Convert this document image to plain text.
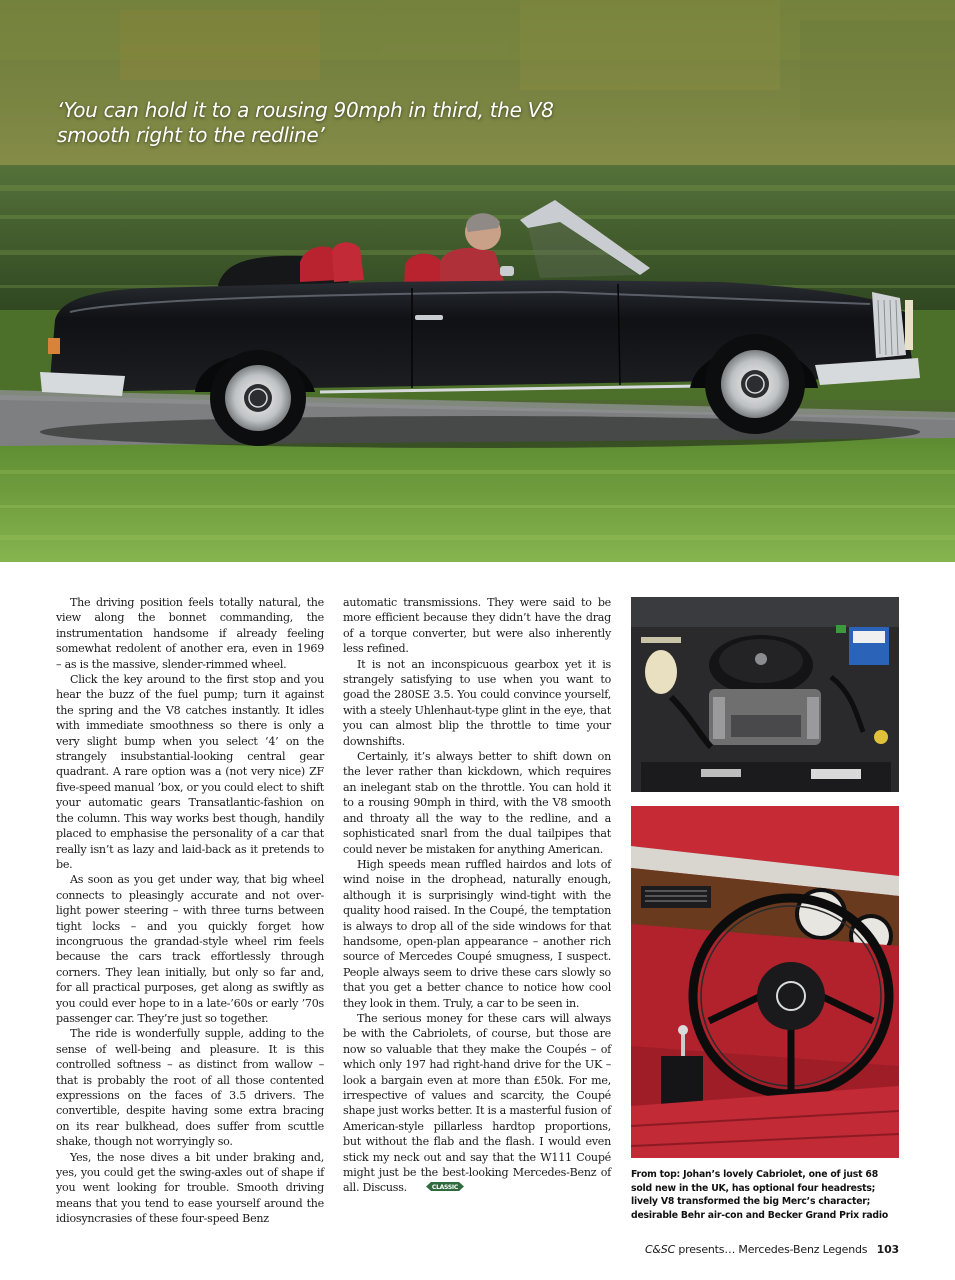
‘You can hold it to a rousing 90mph in third, the V8 smooth right to the redline’

The driving position feels totally natural, the view along the bonnet commanding, the instrumentation handsome if already feeling somewhat redolent of another era, even in 1969 – as is the massive, slender-rimmed wheel.

Click the key around to the first stop and you hear the buzz of the fuel pump; turn it against the spring and the V8 catches instantly. It idles with immediate smoothness so there is only a very slight bump when you select ‘4’ on the strangely insubstantial-looking central gear quadrant. A rare option was a (not very nice) ZF five-speed manual ’box, or you could elect to shift your automatic gears Transatlantic-fashion on the column. This way works best though, handily placed to emphasise the personality of a car that really isn’t as lazy and laid-back as it pretends to be.

As soon as you get under way, that big wheel connects to pleasingly accurate and not over-light power steering – with three turns between tight locks – and you quickly forget how incongruous the grandad-style wheel rim feels because the cars track effortlessly through corners. They lean initially, but only so far and, for all practical purposes, get along as swiftly as you could ever hope to in a late-’60s or early ’70s passenger car. They’re just so together.

The ride is wonderfully supple, adding to the sense of well-being and pleasure. It is this controlled softness – as distinct from wallow – that is probably the root of all those contented expressions on the faces of 3.5 drivers. The convertible, despite having some extra bracing on its rear bulkhead, does suffer from scuttle shake, though not worryingly so.

Yes, the nose dives a bit under braking and, yes, you could get the swing-axles out of shape if you went looking for trouble. Smooth driving means that you tend to ease yourself around the idiosyncrasies of these four-speed Benz

automatic transmissions. They were said to be more efficient because they didn’t have the drag of a torque converter, but were also inherently less refined.

It is not an inconspicuous gearbox yet it is strangely satisfying to use when you want to goad the 280SE 3.5. You could convince yourself, with a steely Uhlenhaut-type glint in the eye, that you can almost blip the throttle to time your downshifts.

Certainly, it’s always better to shift down on the lever rather than kickdown, which requires an inelegant stab on the throttle. You can hold it to a rousing 90mph in third, with the V8 smooth and throaty all the way to the redline, and a sophisticated snarl from the dual tailpipes that could never be mistaken for anything American.

High speeds mean ruffled hairdos and lots of wind noise in the drophead, naturally enough, although it is surprisingly wind-tight with the quality hood raised. In the Coupé, the temptation is always to drop all of the side windows for that handsome, open-plan appearance – another rich source of Mercedes Coupé smugness, I suspect. People always seem to drive these cars slowly so that you get a better chance to notice how cool they look in them. Truly, a car to be seen in.

The serious money for these cars will always be with the Cabriolets, of course, but those are now so valuable that they make the Coupés – of which only 197 had right-hand drive for the UK – look a bargain even at more than £50k. For me, irrespective of values and scarcity, the Coupé shape just works better. It is a masterful fusion of American-style pillarless hardtop proportions, but without the flab and the flash. I would even stick my neck out and say that the W111 Coupé might just be the best-looking Mercedes-Benz of all. Discuss.	CLASSIC

From top: Johan’s lovely Cabriolet, one of just 68 sold new in the UK, has optional four headrests; lively V8 transformed the big Merc’s character; desirable Behr air-con and Becker Grand Prix radio
C&SC presents… Mercedes-Benz Legends 103
